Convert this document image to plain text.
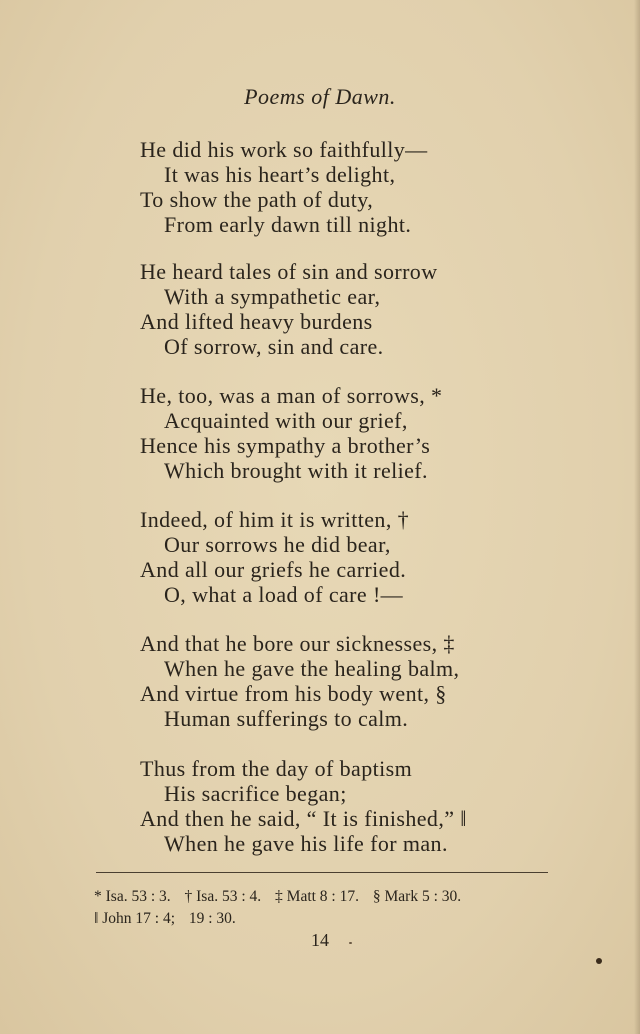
Poems of Dawn.
He did his work so faithfully—
It was his heart’s delight,
To show the path of duty,
From early dawn till night.
He heard tales of sin and sorrow
With a sympathetic ear,
And lifted heavy burdens
Of sorrow, sin and care.
He, too, was a man of sorrows, *
Acquainted with our grief,
Hence his sympathy a brother’s
Which brought with it relief.
Indeed, of him it is written, †
Our sorrows he did bear,
And all our griefs he carried.
O, what a load of care !—
And that he bore our sicknesses, ‡
When he gave the healing balm,
And virtue from his body went, §
Human sufferings to calm.
Thus from the day of baptism
His sacrifice began;
And then he said, “ It is finished,” ‖
When he gave his life for man.
* Isa. 53 : 3. † Isa. 53 : 4. ‡ Matt 8 : 17. § Mark 5 : 30.
‖ John 17 : 4; 19 : 30.
14
